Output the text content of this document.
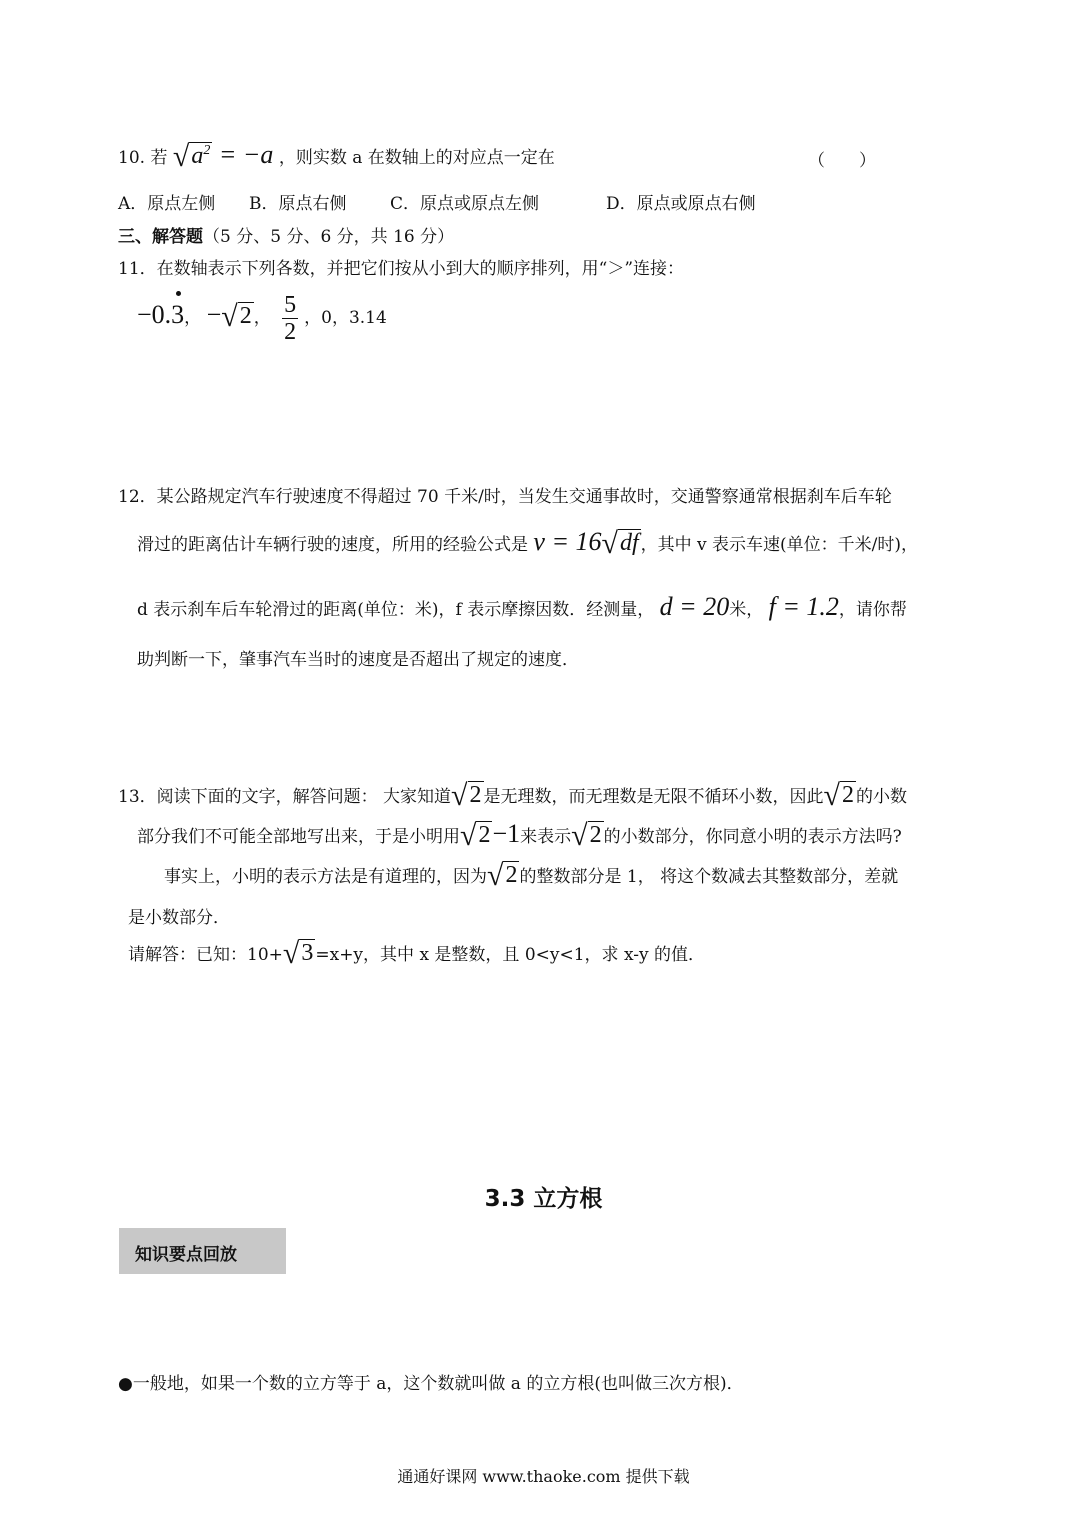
10. 若 $√a^2 = -a$ ，则实数 a 在数轴上的对应点一定在	（　　）
A．原点左侧 B．原点右侧	C．原点或原点左侧	D．原点或原点右侧
三、解答题（5 分、5 分、6 分，共 16 分）
11．在数轴表示下列各数，并把它们按从小到大的顺序排列，用“＞”连接：
−0.3， −√2 ， $\frac{5}{2}$ ，0，3.14
12．某公路规定汽车行驶速度不得超过 70 千米/时，当发生交通事故时，交通警察通常根据刹车后车轮
滑过的距离估计车辆行驶的速度，所用的经验公式是 v = 16√df ，其中 v 表示车速(单位：千米/时)，
d 表示刹车后车轮滑过的距离(单位：米)，f 表示摩擦因数．经测量， d = 20米， f = 1.2，请你帮
助判断一下，肇事汽车当时的速度是否超出了规定的速度．
13．阅读下面的文字，解答问题： 大家知道√2 是无理数，而无理数是无限不循环小数，因此√2 的小数
部分我们不可能全部地写出来，于是小明用√2−1来表示√2 的小数部分，你同意小明的表示方法吗?
事实上，小明的表示方法是有道理的，因为√2 的整数部分是 1， 将这个数减去其整数部分，差就
是小数部分．
请解答：已知：10+√3 =x+y，其中 x 是整数，且 0<y<1，求 x-y 的值．
3.3 立方根
知识要点回放
●一般地，如果一个数的立方等于 a，这个数就叫做 a 的立方根(也叫做三次方根)．
通通好课网 www.thaoke.com 提供下载
